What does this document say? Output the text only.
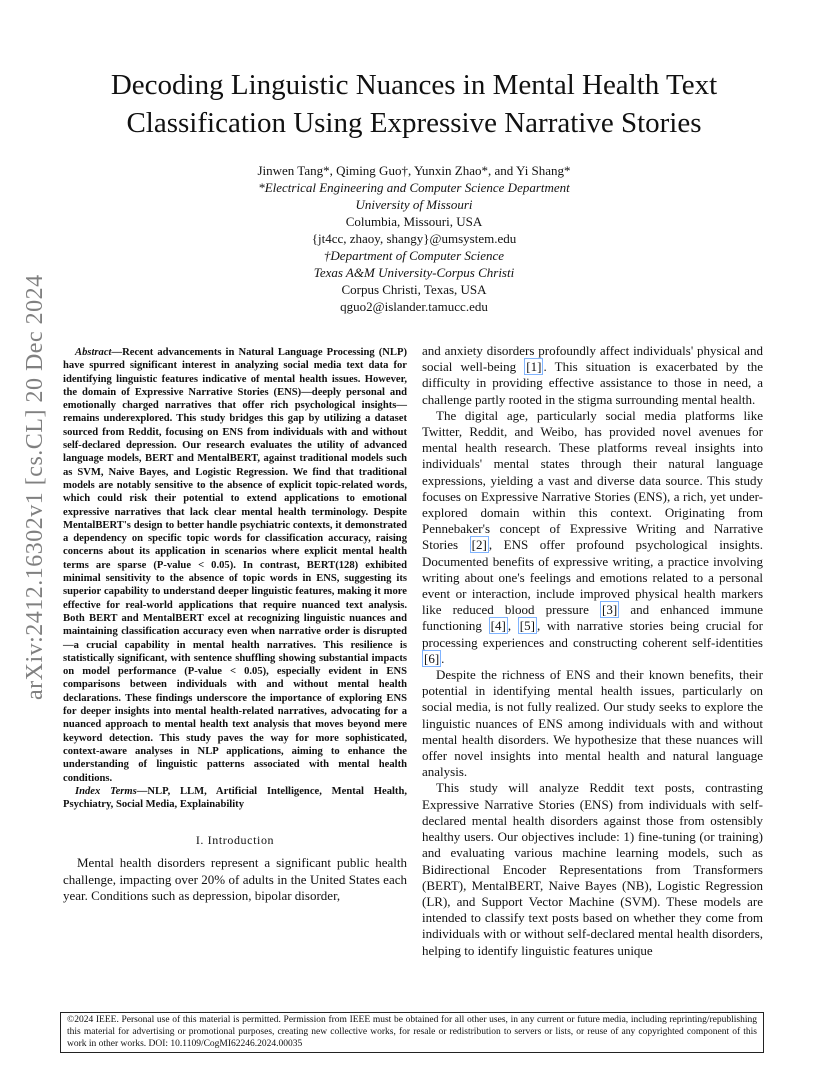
arXiv:2412.16302v1 [cs.CL] 20 Dec 2024
Decoding Linguistic Nuances in Mental Health Text Classification Using Expressive Narrative Stories
Jinwen Tang*, Qiming Guo†, Yunxin Zhao*, and Yi Shang*
*Electrical Engineering and Computer Science Department
University of Missouri
Columbia, Missouri, USA
{jt4cc, zhaoy, shangy}@umsystem.edu
†Department of Computer Science
Texas A&M University-Corpus Christi
Corpus Christi, Texas, USA
qguo2@islander.tamucc.edu

Abstract—Recent advancements in Natural Language Processing (NLP) have spurred significant interest in analyzing social media text data for identifying linguistic features indicative of mental health issues. However, the domain of Expressive Narrative Stories (ENS)—deeply personal and emotionally charged narratives that offer rich psychological insights—remains underexplored. This study bridges this gap by utilizing a dataset sourced from Reddit, focusing on ENS from individuals with and without self-declared depression. Our research evaluates the utility of advanced language models, BERT and MentalBERT, against traditional models such as SVM, Naive Bayes, and Logistic Regression. We find that traditional models are notably sensitive to the absence of explicit topic-related words, which could risk their potential to extend applications to emotional expressive narratives that lack clear mental health terminology. Despite MentalBERT's design to better handle psychiatric contexts, it demonstrated a dependency on specific topic words for classification accuracy, raising concerns about its application in scenarios where explicit mental health terms are sparse (P-value < 0.05). In contrast, BERT(128) exhibited minimal sensitivity to the absence of topic words in ENS, suggesting its superior capability to understand deeper linguistic features, making it more effective for real-world applications that require nuanced text analysis. Both BERT and MentalBERT excel at recognizing linguistic nuances and maintaining classification accuracy even when narrative order is disrupted—a crucial capability in mental health narratives. This resilience is statistically significant, with sentence shuffling showing substantial impacts on model performance (P-value < 0.05), especially evident in ENS comparisons between individuals with and without mental health declarations. These findings underscore the importance of exploring ENS for deeper insights into mental health-related narratives, advocating for a nuanced approach to mental health text analysis that moves beyond mere keyword detection. This study paves the way for more sophisticated, context-aware analyses in NLP applications, aiming to enhance the understanding of linguistic patterns associated with mental health conditions.

Index Terms—NLP, LLM, Artificial Intelligence, Mental Health, Psychiatry, Social Media, Explainability

I. Introduction

Mental health disorders represent a significant public health challenge, impacting over 20% of adults in the United States each year. Conditions such as depression, bipolar disorder,

and anxiety disorders profoundly affect individuals' physical and social well-being [1] . This situation is exacerbated by the difficulty in providing effective assistance to those in need, a challenge partly rooted in the stigma surrounding mental health.

The digital age, particularly social media platforms like Twitter, Reddit, and Weibo, has provided novel avenues for mental health research. These platforms reveal insights into individuals' mental states through their natural language expressions, yielding a vast and diverse data source. This study focuses on Expressive Narrative Stories (ENS), a rich, yet under-explored domain within this context. Originating from Pennebaker's concept of Expressive Writing and Narrative Stories [2] , ENS offer profound psychological insights. Documented benefits of expressive writing, a practice involving writing about one's feelings and emotions related to a personal event or interaction, include improved physical health markers like reduced blood pressure [3] and enhanced immune functioning [4] , [5] , with narrative stories being crucial for processing experiences and constructing coherent self-identities [6] .

Despite the richness of ENS and their known benefits, their potential in identifying mental health issues, particularly on social media, is not fully realized. Our study seeks to explore the linguistic nuances of ENS among individuals with and without mental health disorders. We hypothesize that these nuances will offer novel insights into mental health and natural language analysis.

This study will analyze Reddit text posts, contrasting Expressive Narrative Stories (ENS) from individuals with self-declared mental health disorders against those from ostensibly healthy users. Our objectives include: 1) fine-tuning (or training) and evaluating various machine learning models, such as Bidirectional Encoder Representations from Transformers (BERT), MentalBERT, Naive Bayes (NB), Logistic Regression (LR), and Support Vector Machine (SVM). These models are intended to classify text posts based on whether they come from individuals with or without self-declared mental health disorders, helping to identify linguistic features unique

©2024 IEEE. Personal use of this material is permitted. Permission from IEEE must be obtained for all other uses, in any current or future media, including reprinting/republishing this material for advertising or promotional purposes, creating new collective works, for resale or redistribution to servers or lists, or reuse of any copyrighted component of this work in other works. DOI: 10.1109/CogMI62246.2024.00035
